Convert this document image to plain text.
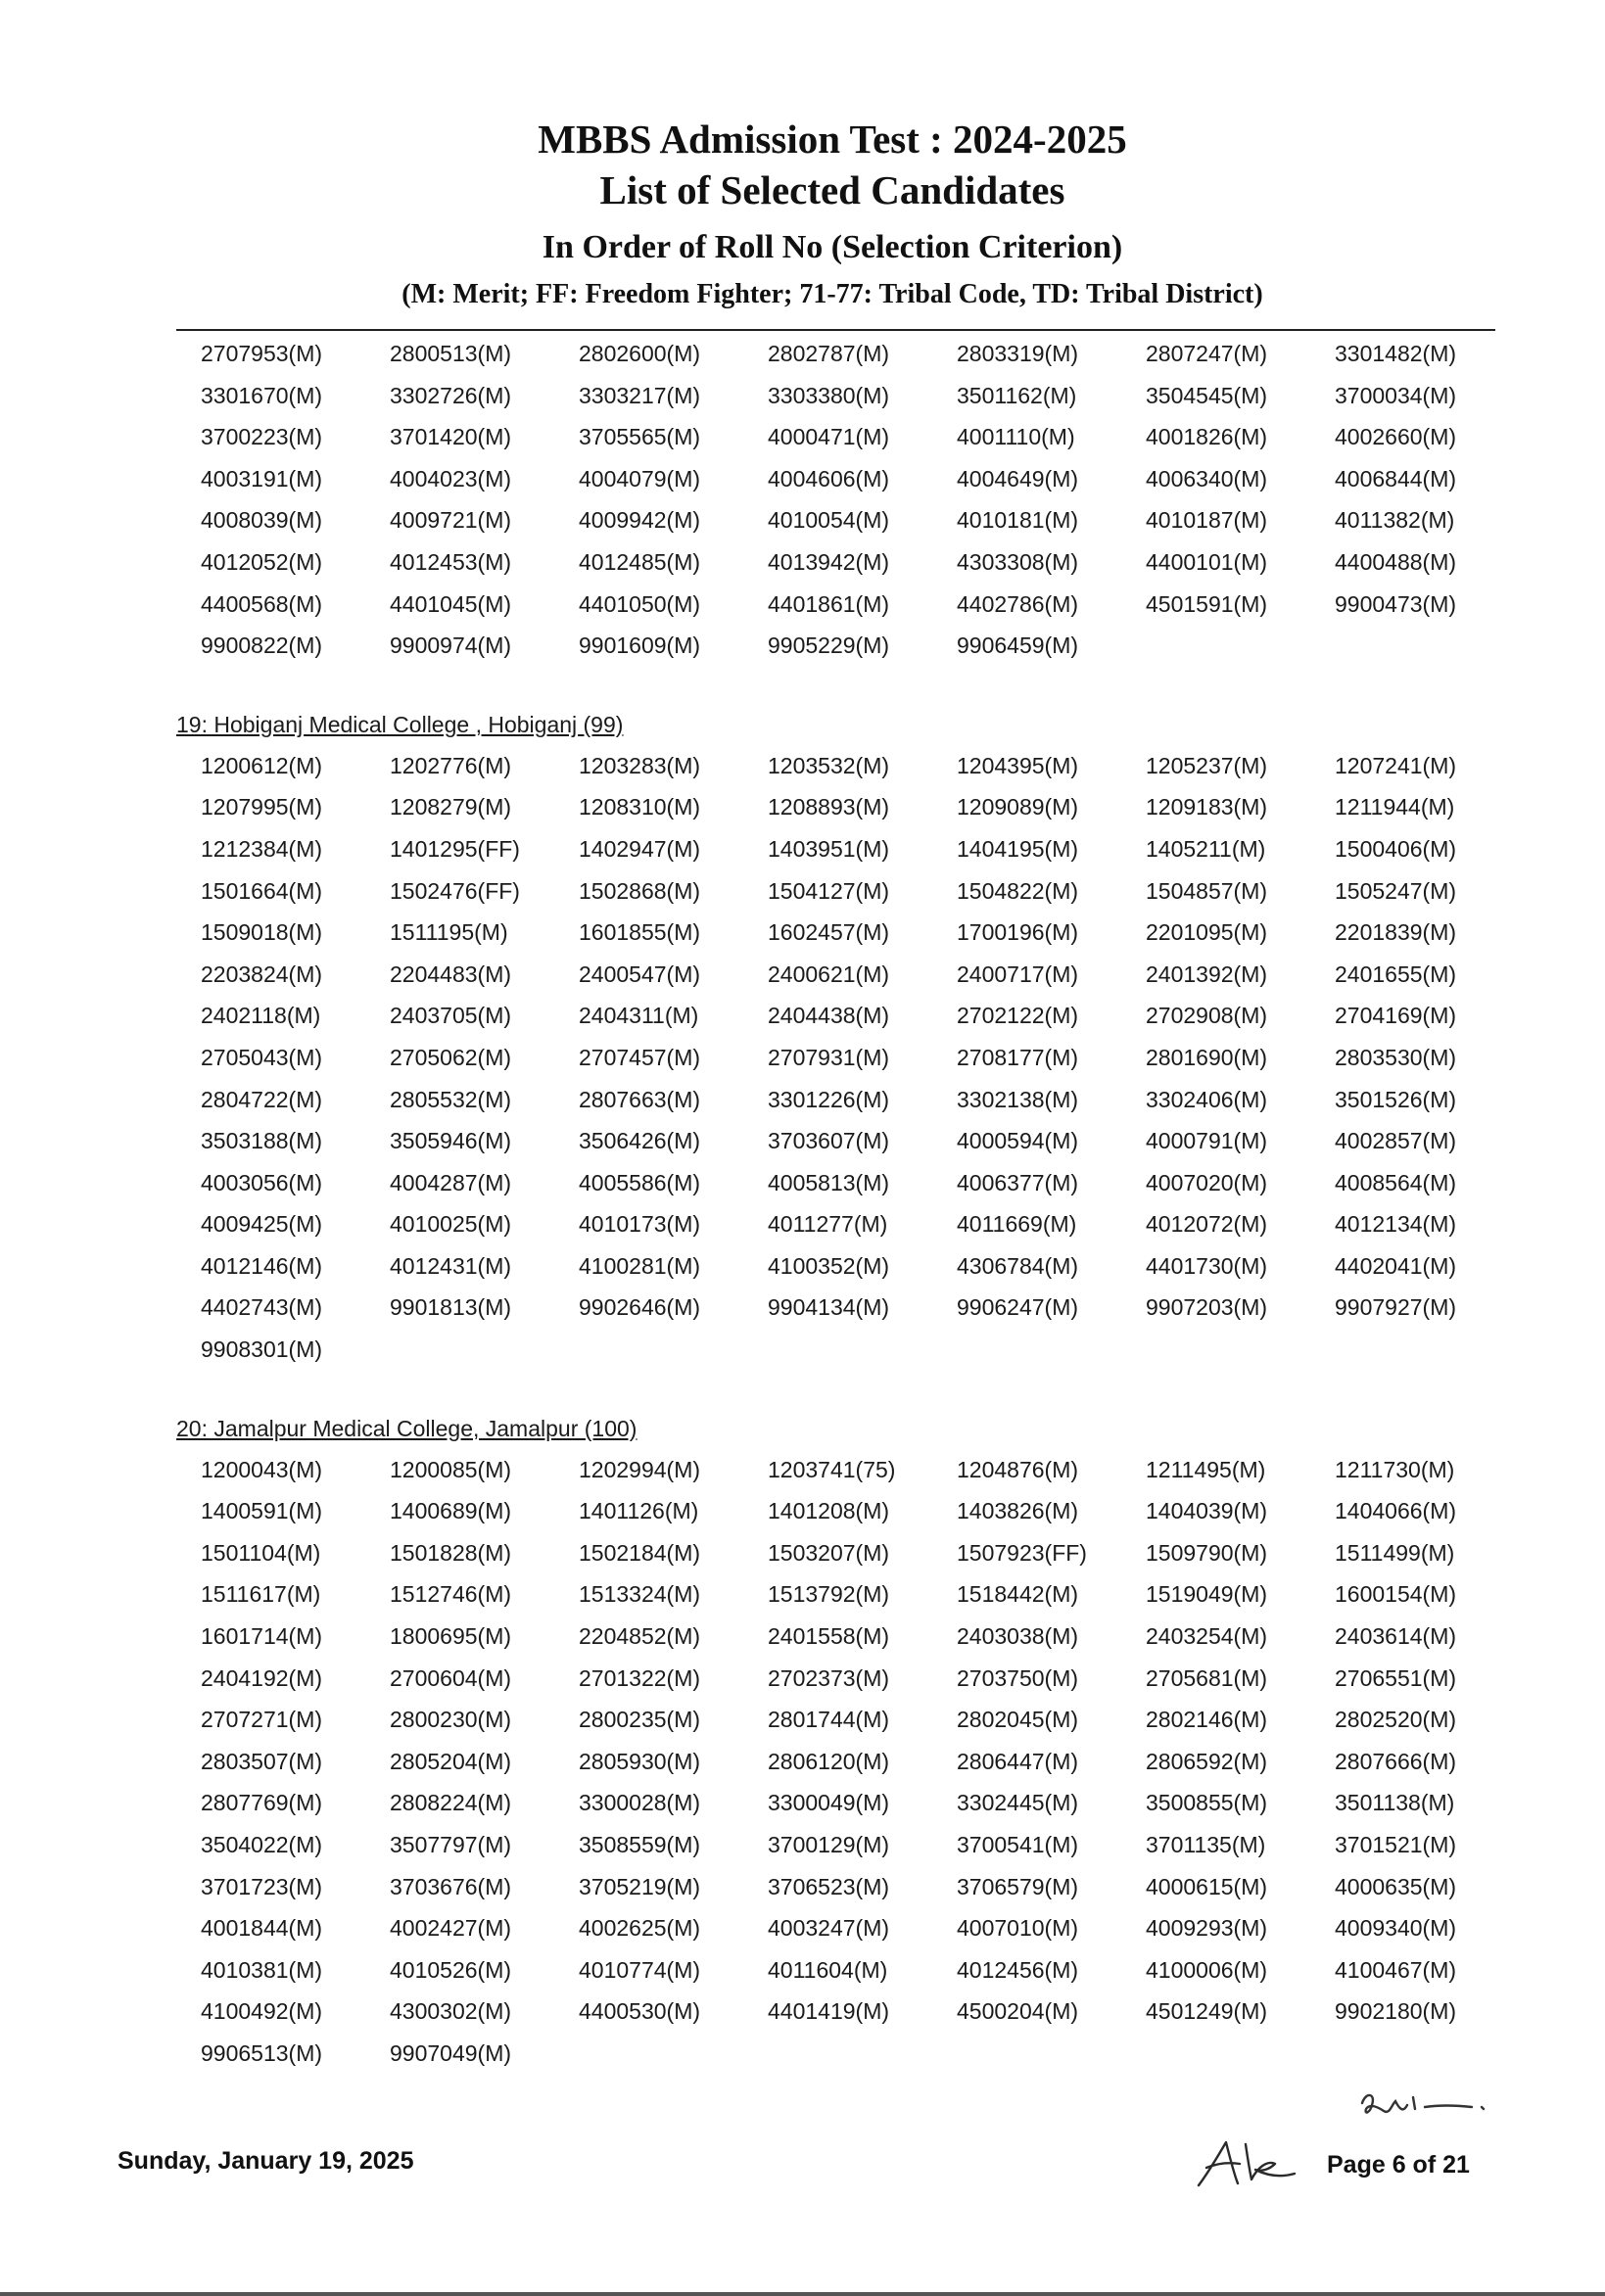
MBBS Admission Test : 2024-2025
List of Selected Candidates
In Order of Roll No (Selection Criterion)
(M: Merit; FF: Freedom Fighter; 71-77: Tribal Code, TD: Tribal District)
2707953(M)	2800513(M)	2802600(M)	2802787(M)	2803319(M)	2807247(M)	3301482(M)
3301670(M)	3302726(M)	3303217(M)	3303380(M)	3501162(M)	3504545(M)	3700034(M)
3700223(M)	3701420(M)	3705565(M)	4000471(M)	4001110(M)	4001826(M)	4002660(M)
4003191(M)	4004023(M)	4004079(M)	4004606(M)	4004649(M)	4006340(M)	4006844(M)
4008039(M)	4009721(M)	4009942(M)	4010054(M)	4010181(M)	4010187(M)	4011382(M)
4012052(M)	4012453(M)	4012485(M)	4013942(M)	4303308(M)	4400101(M)	4400488(M)
4400568(M)	4401045(M)	4401050(M)	4401861(M)	4402786(M)	4501591(M)	9900473(M)
9900822(M)	9900974(M)	9901609(M)	9905229(M)	9906459(M)
19: Hobiganj Medical College , Hobiganj (99)
1200612(M)	1202776(M)	1203283(M)	1203532(M)	1204395(M)	1205237(M)	1207241(M)
1207995(M)	1208279(M)	1208310(M)	1208893(M)	1209089(M)	1209183(M)	1211944(M)
1212384(M)	1401295(FF)	1402947(M)	1403951(M)	1404195(M)	1405211(M)	1500406(M)
1501664(M)	1502476(FF)	1502868(M)	1504127(M)	1504822(M)	1504857(M)	1505247(M)
1509018(M)	1511195(M)	1601855(M)	1602457(M)	1700196(M)	2201095(M)	2201839(M)
2203824(M)	2204483(M)	2400547(M)	2400621(M)	2400717(M)	2401392(M)	2401655(M)
2402118(M)	2403705(M)	2404311(M)	2404438(M)	2702122(M)	2702908(M)	2704169(M)
2705043(M)	2705062(M)	2707457(M)	2707931(M)	2708177(M)	2801690(M)	2803530(M)
2804722(M)	2805532(M)	2807663(M)	3301226(M)	3302138(M)	3302406(M)	3501526(M)
3503188(M)	3505946(M)	3506426(M)	3703607(M)	4000594(M)	4000791(M)	4002857(M)
4003056(M)	4004287(M)	4005586(M)	4005813(M)	4006377(M)	4007020(M)	4008564(M)
4009425(M)	4010025(M)	4010173(M)	4011277(M)	4011669(M)	4012072(M)	4012134(M)
4012146(M)	4012431(M)	4100281(M)	4100352(M)	4306784(M)	4401730(M)	4402041(M)
4402743(M)	9901813(M)	9902646(M)	9904134(M)	9906247(M)	9907203(M)	9907927(M)
9908301(M)
20: Jamalpur Medical College, Jamalpur (100)
1200043(M)	1200085(M)	1202994(M)	1203741(75)	1204876(M)	1211495(M)	1211730(M)
1400591(M)	1400689(M)	1401126(M)	1401208(M)	1403826(M)	1404039(M)	1404066(M)
1501104(M)	1501828(M)	1502184(M)	1503207(M)	1507923(FF)	1509790(M)	1511499(M)
1511617(M)	1512746(M)	1513324(M)	1513792(M)	1518442(M)	1519049(M)	1600154(M)
1601714(M)	1800695(M)	2204852(M)	2401558(M)	2403038(M)	2403254(M)	2403614(M)
2404192(M)	2700604(M)	2701322(M)	2702373(M)	2703750(M)	2705681(M)	2706551(M)
2707271(M)	2800230(M)	2800235(M)	2801744(M)	2802045(M)	2802146(M)	2802520(M)
2803507(M)	2805204(M)	2805930(M)	2806120(M)	2806447(M)	2806592(M)	2807666(M)
2807769(M)	2808224(M)	3300028(M)	3300049(M)	3302445(M)	3500855(M)	3501138(M)
3504022(M)	3507797(M)	3508559(M)	3700129(M)	3700541(M)	3701135(M)	3701521(M)
3701723(M)	3703676(M)	3705219(M)	3706523(M)	3706579(M)	4000615(M)	4000635(M)
4001844(M)	4002427(M)	4002625(M)	4003247(M)	4007010(M)	4009293(M)	4009340(M)
4010381(M)	4010526(M)	4010774(M)	4011604(M)	4012456(M)	4100006(M)	4100467(M)
4100492(M)	4300302(M)	4400530(M)	4401419(M)	4500204(M)	4501249(M)	9902180(M)
9906513(M)	9907049(M)
Sunday, January 19, 2025	Page 6 of 21
